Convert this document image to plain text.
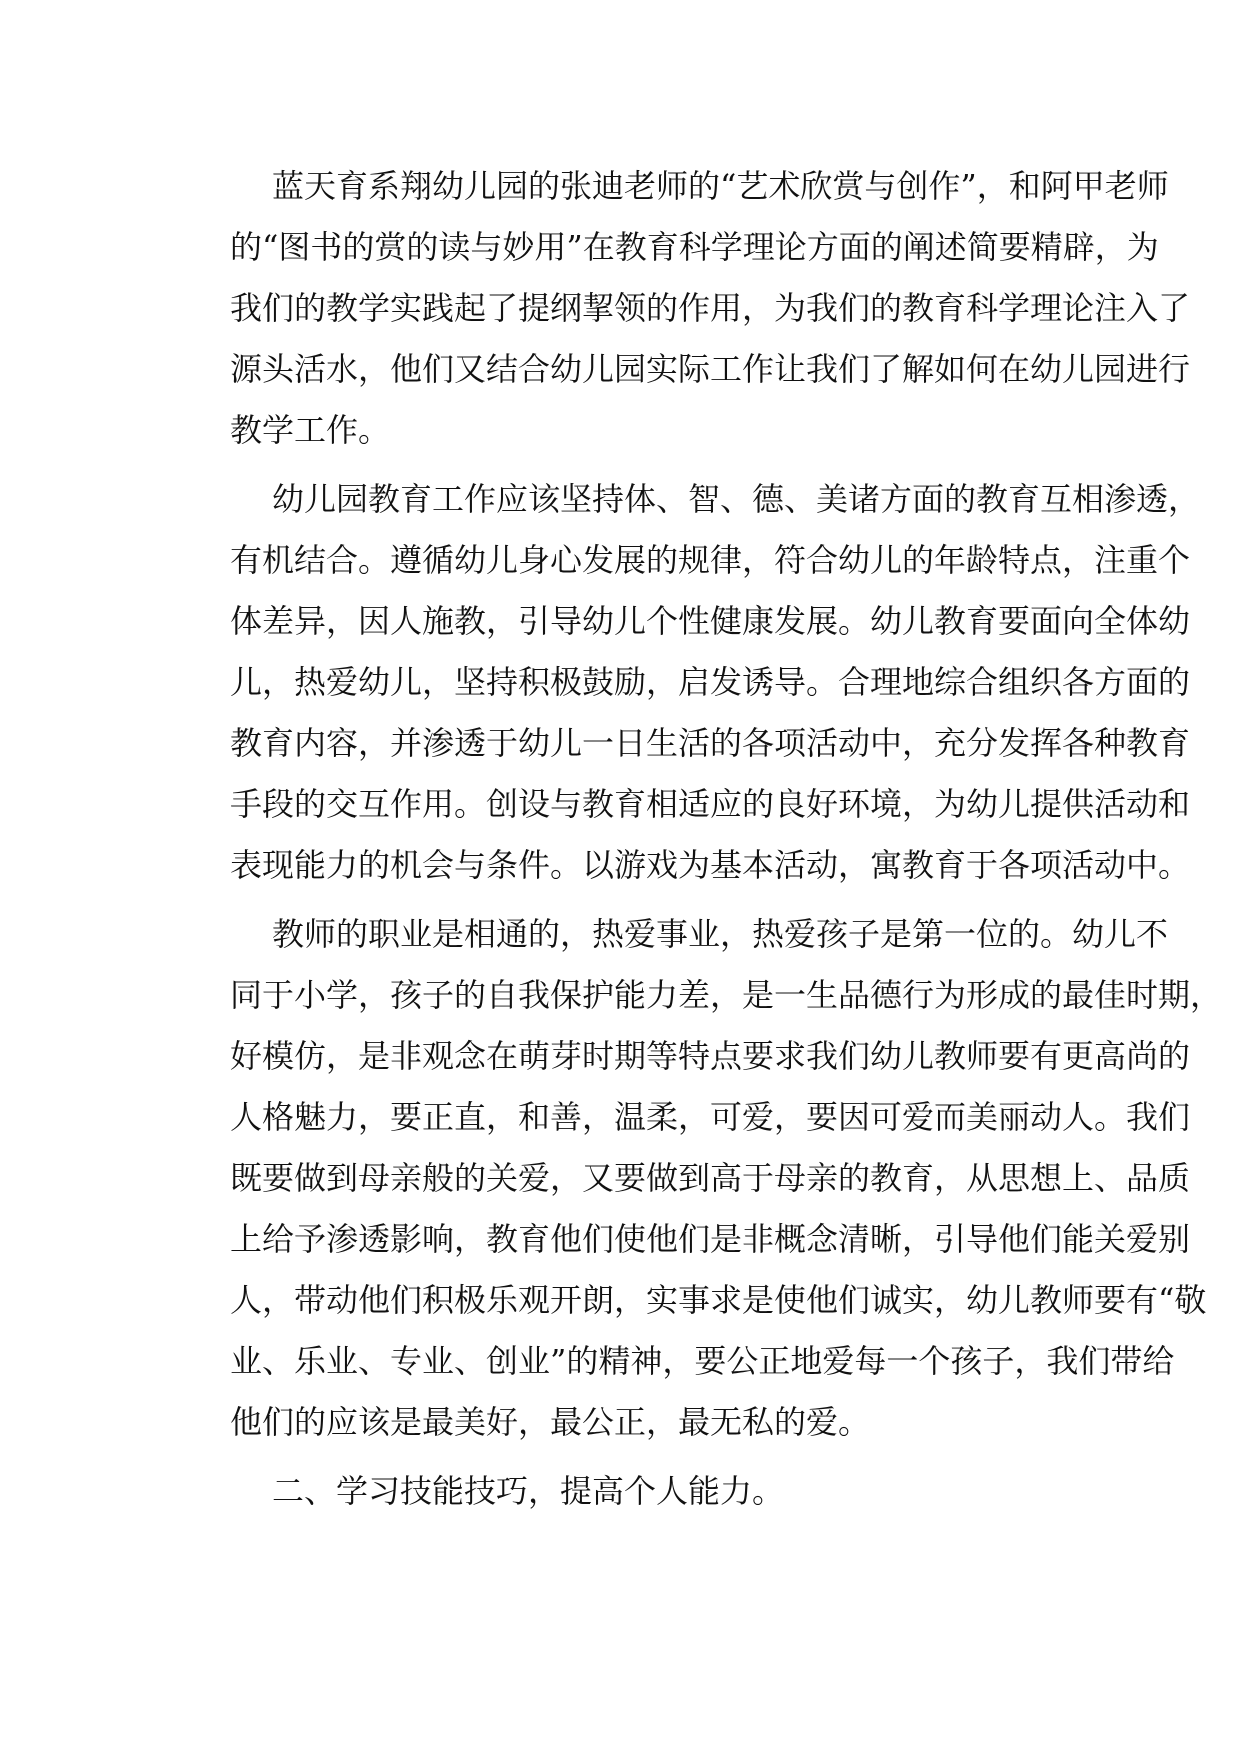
蓝天育系翔幼儿园的张迪老师的“艺术欣赏与创作”，和阿甲老师
的“图书的赏的读与妙用”在教育科学理论方面的阐述简要精辟，为
我们的教学实践起了提纲挈领的作用，为我们的教育科学理论注入了
源头活水，他们又结合幼儿园实际工作让我们了解如何在幼儿园进行
教学工作。
幼儿园教育工作应该坚持体、智、德、美诸方面的教育互相渗透，
有机结合。遵循幼儿身心发展的规律，符合幼儿的年龄特点，注重个
体差异，因人施教，引导幼儿个性健康发展。幼儿教育要面向全体幼
儿，热爱幼儿，坚持积极鼓励，启发诱导。合理地综合组织各方面的
教育内容，并渗透于幼儿一日生活的各项活动中，充分发挥各种教育
手段的交互作用。创设与教育相适应的良好环境，为幼儿提供活动和
表现能力的机会与条件。以游戏为基本活动，寓教育于各项活动中。
教师的职业是相通的，热爱事业，热爱孩子是第一位的。幼儿不
同于小学，孩子的自我保护能力差，是一生品德行为形成的最佳时期，
好模仿，是非观念在萌芽时期等特点要求我们幼儿教师要有更高尚的
人格魅力，要正直，和善，温柔，可爱，要因可爱而美丽动人。我们
既要做到母亲般的关爱，又要做到高于母亲的教育，从思想上、品质
上给予渗透影响，教育他们使他们是非概念清晰，引导他们能关爱别
人，带动他们积极乐观开朗，实事求是使他们诚实，幼儿教师要有“敬
业、乐业、专业、创业”的精神，要公正地爱每一个孩子，我们带给
他们的应该是最美好，最公正，最无私的爱。
二、学习技能技巧，提高个人能力。
